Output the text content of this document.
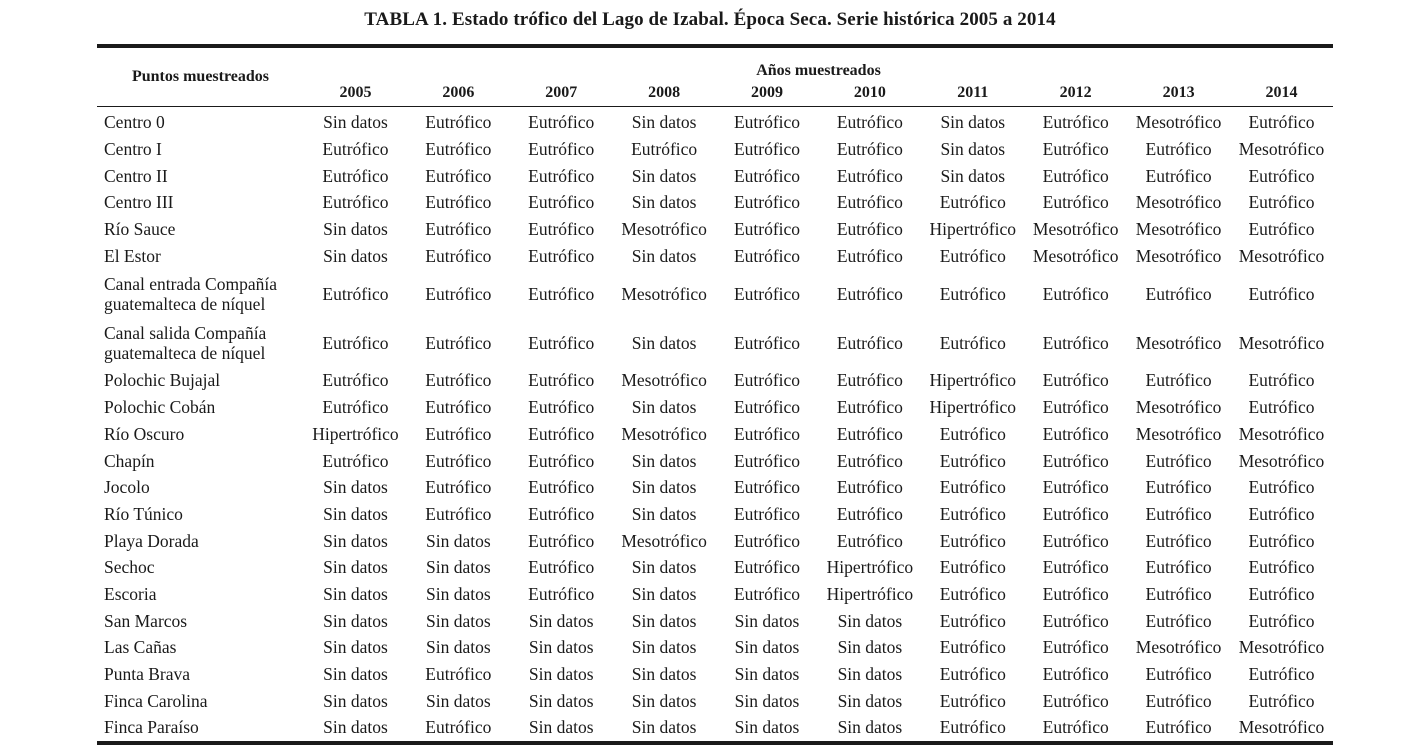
TABLA 1. Estado trófico del Lago de Izabal. Época Seca. Serie histórica 2005 a 2014
Puntos muestreados	Años muestreados									
	2005	2006	2007	2008	2009	2010	2011	2012	2013	2014
Centro 0	Sin datos	Eutrófico	Eutrófico	Sin datos	Eutrófico	Eutrófico	Sin datos	Eutrófico	Mesotrófico	Eutrófico
Centro I	Eutrófico	Eutrófico	Eutrófico	Eutrófico	Eutrófico	Eutrófico	Sin datos	Eutrófico	Eutrófico	Mesotrófico
Centro II	Eutrófico	Eutrófico	Eutrófico	Sin datos	Eutrófico	Eutrófico	Sin datos	Eutrófico	Eutrófico	Eutrófico
Centro III	Eutrófico	Eutrófico	Eutrófico	Sin datos	Eutrófico	Eutrófico	Eutrófico	Eutrófico	Mesotrófico	Eutrófico
Río Sauce	Sin datos	Eutrófico	Eutrófico	Mesotrófico	Eutrófico	Eutrófico	Hipertrófico	Mesotrófico	Mesotrófico	Eutrófico
El Estor	Sin datos	Eutrófico	Eutrófico	Sin datos	Eutrófico	Eutrófico	Eutrófico	Mesotrófico	Mesotrófico	Mesotrófico
Canal entrada Compañía guatemalteca de níquel	Eutrófico	Eutrófico	Eutrófico	Mesotrófico	Eutrófico	Eutrófico	Eutrófico	Eutrófico	Eutrófico	Eutrófico
Canal salida Compañía guatemalteca de níquel	Eutrófico	Eutrófico	Eutrófico	Sin datos	Eutrófico	Eutrófico	Eutrófico	Eutrófico	Mesotrófico	Mesotrófico
Polochic Bujajal	Eutrófico	Eutrófico	Eutrófico	Mesotrófico	Eutrófico	Eutrófico	Hipertrófico	Eutrófico	Eutrófico	Eutrófico
Polochic Cobán	Eutrófico	Eutrófico	Eutrófico	Sin datos	Eutrófico	Eutrófico	Hipertrófico	Eutrófico	Mesotrófico	Eutrófico
Río Oscuro	Hipertrófico	Eutrófico	Eutrófico	Mesotrófico	Eutrófico	Eutrófico	Eutrófico	Eutrófico	Mesotrófico	Mesotrófico
Chapín	Eutrófico	Eutrófico	Eutrófico	Sin datos	Eutrófico	Eutrófico	Eutrófico	Eutrófico	Eutrófico	Mesotrófico
Jocolo	Sin datos	Eutrófico	Eutrófico	Sin datos	Eutrófico	Eutrófico	Eutrófico	Eutrófico	Eutrófico	Eutrófico
Río Túnico	Sin datos	Eutrófico	Eutrófico	Sin datos	Eutrófico	Eutrófico	Eutrófico	Eutrófico	Eutrófico	Eutrófico
Playa Dorada	Sin datos	Sin datos	Eutrófico	Mesotrófico	Eutrófico	Eutrófico	Eutrófico	Eutrófico	Eutrófico	Eutrófico
Sechoc	Sin datos	Sin datos	Eutrófico	Sin datos	Eutrófico	Hipertrófico	Eutrófico	Eutrófico	Eutrófico	Eutrófico
Escoria	Sin datos	Sin datos	Eutrófico	Sin datos	Eutrófico	Hipertrófico	Eutrófico	Eutrófico	Eutrófico	Eutrófico
San Marcos	Sin datos	Sin datos	Sin datos	Sin datos	Sin datos	Sin datos	Eutrófico	Eutrófico	Eutrófico	Eutrófico
Las Cañas	Sin datos	Sin datos	Sin datos	Sin datos	Sin datos	Sin datos	Eutrófico	Eutrófico	Mesotrófico	Mesotrófico
Punta Brava	Sin datos	Eutrófico	Sin datos	Sin datos	Sin datos	Sin datos	Eutrófico	Eutrófico	Eutrófico	Eutrófico
Finca Carolina	Sin datos	Sin datos	Sin datos	Sin datos	Sin datos	Sin datos	Eutrófico	Eutrófico	Eutrófico	Eutrófico
Finca Paraíso	Sin datos	Eutrófico	Sin datos	Sin datos	Sin datos	Sin datos	Eutrófico	Eutrófico	Eutrófico	Mesotrófico
